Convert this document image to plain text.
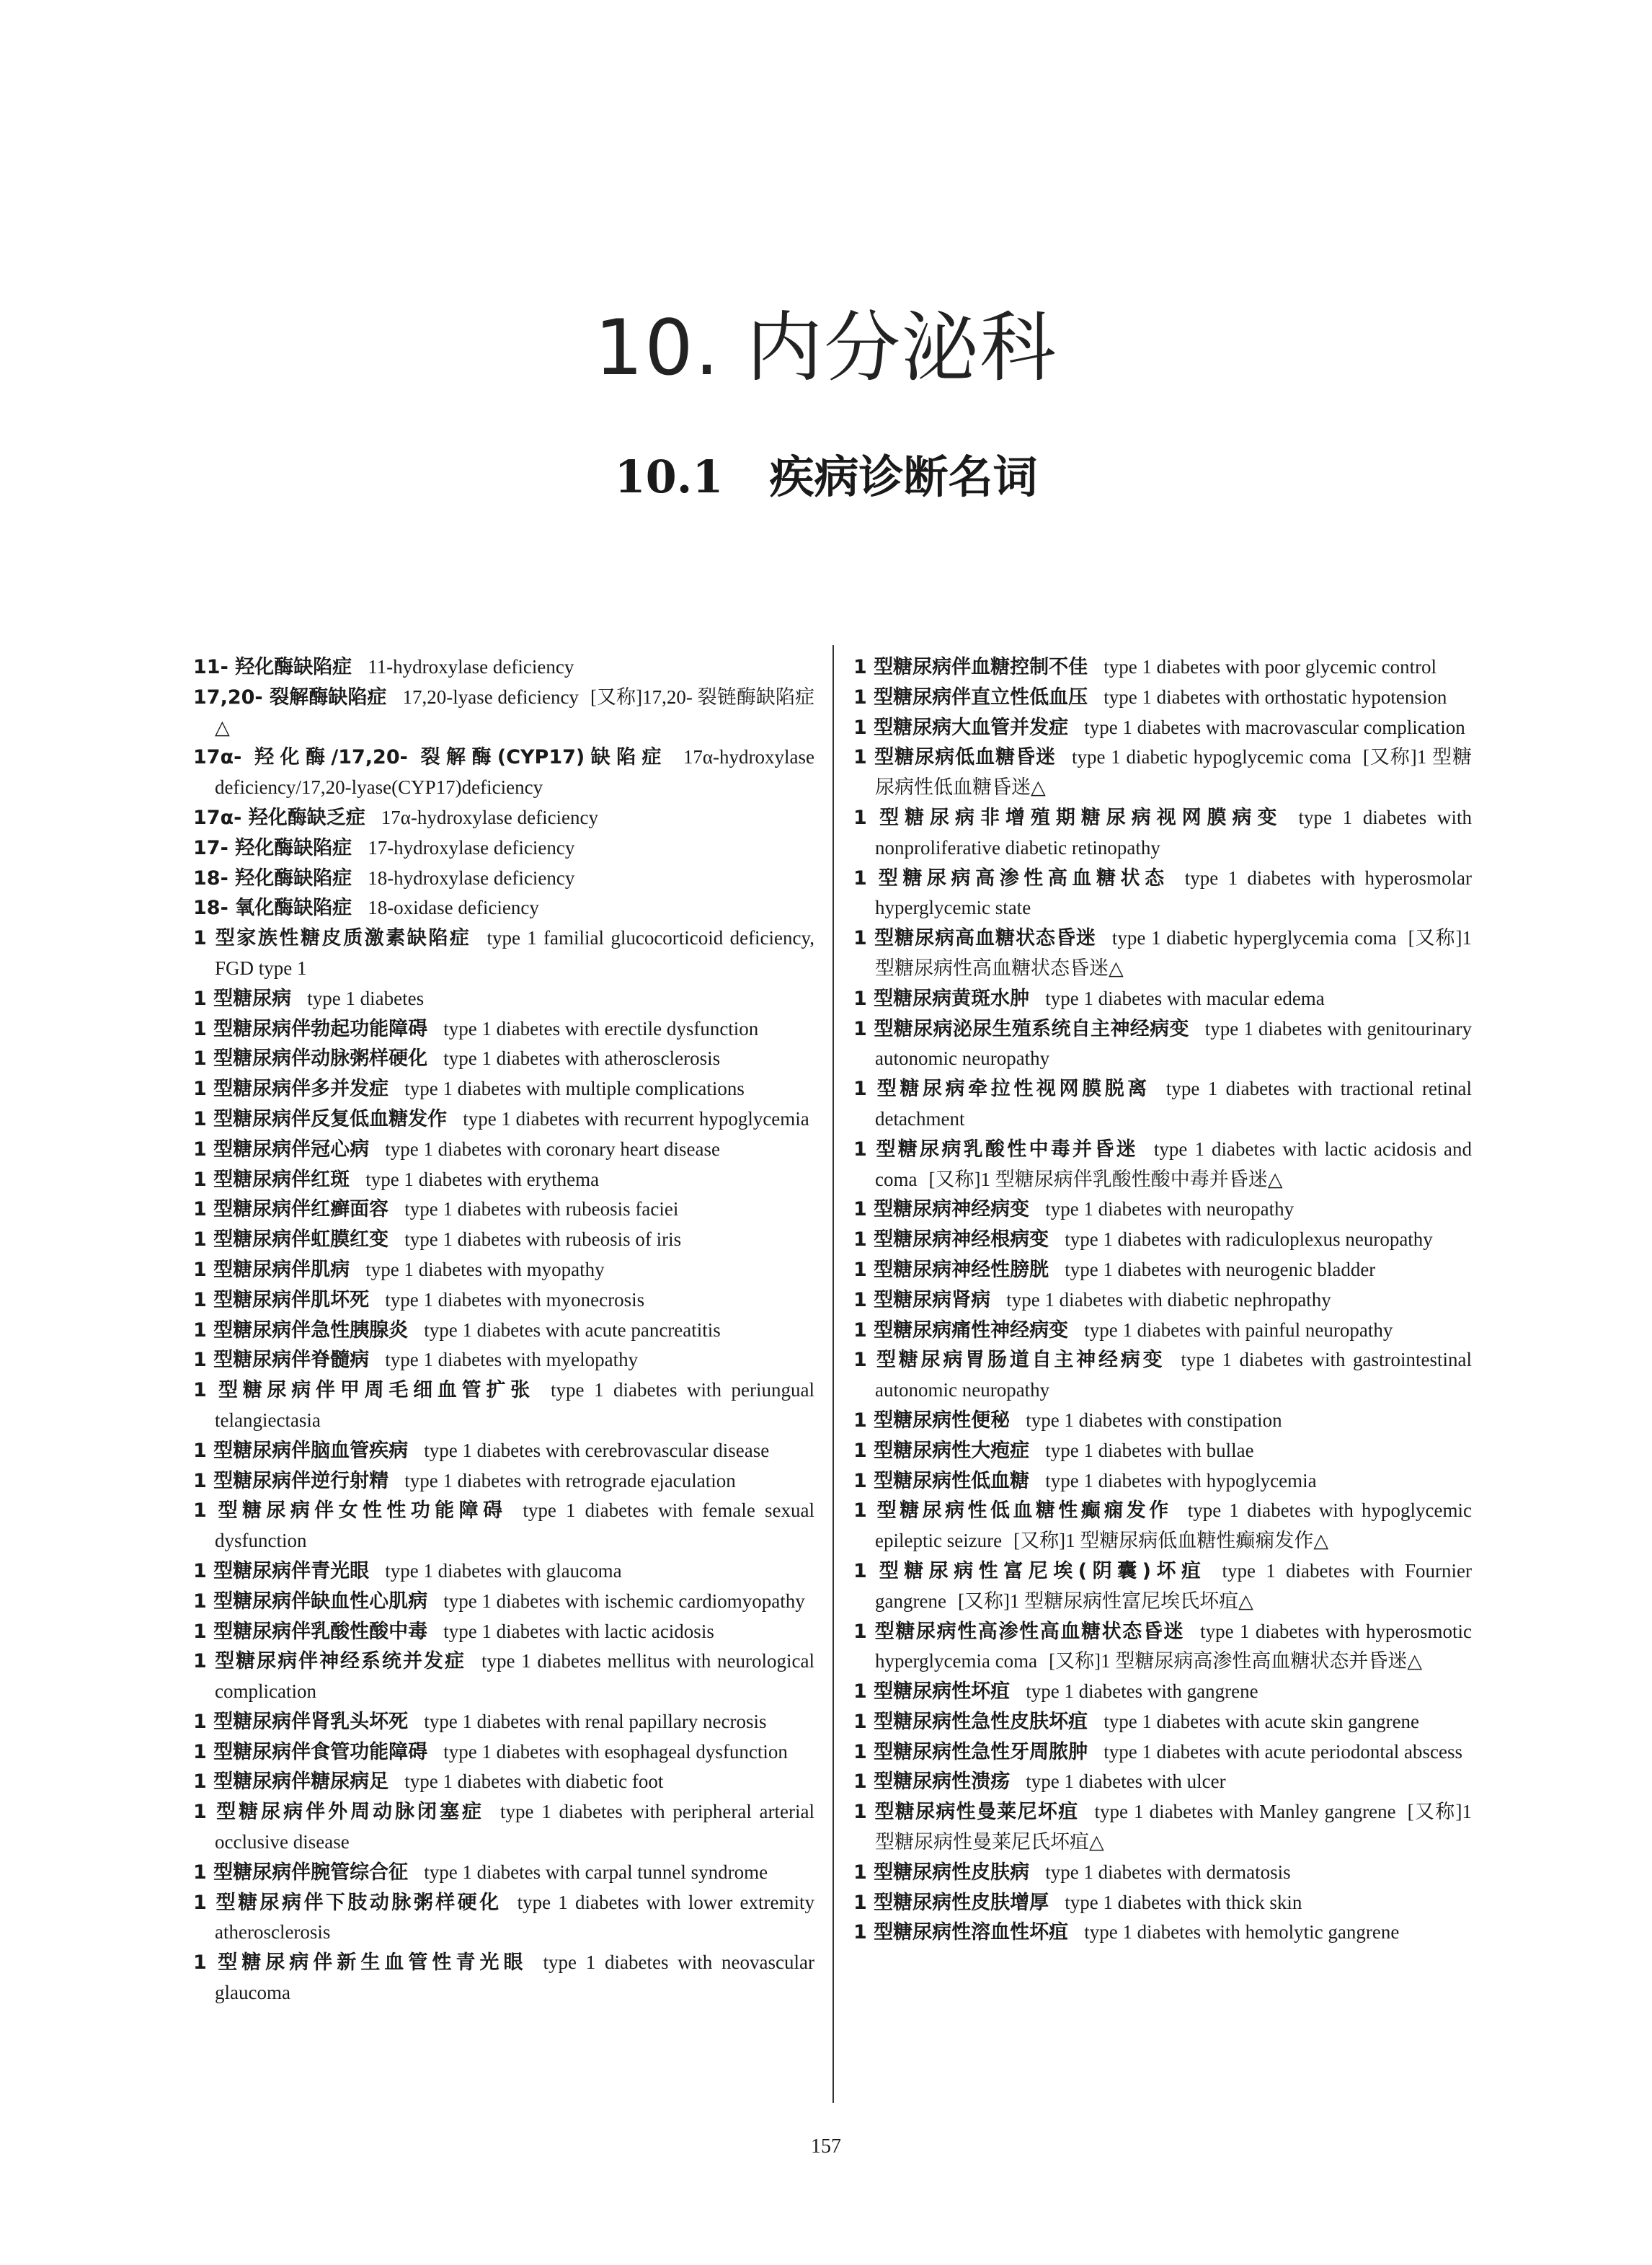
10. 内分泌科
10.1 疾病诊断名词

11- 羟化酶缺陷症 11-hydroxylase deficiency

17,20- 裂解酶缺陷症 17,20-lyase deficiency [又称]17,20- 裂链酶缺陷症△

17α- 羟化酶/17,20- 裂解酶(CYP17)缺陷症 17α-hydroxylase deficiency/17,20-lyase(CYP17)deficiency

17α- 羟化酶缺乏症 17α-hydroxylase deficiency

17- 羟化酶缺陷症 17-hydroxylase deficiency

18- 羟化酶缺陷症 18-hydroxylase deficiency

18- 氧化酶缺陷症 18-oxidase deficiency

1 型家族性糖皮质激素缺陷症 type 1 familial glucocorticoid deficiency, FGD type 1

1 型糖尿病 type 1 diabetes

1 型糖尿病伴勃起功能障碍 type 1 diabetes with erectile dysfunction

1 型糖尿病伴动脉粥样硬化 type 1 diabetes with atherosclerosis

1 型糖尿病伴多并发症 type 1 diabetes with multiple complications

1 型糖尿病伴反复低血糖发作 type 1 diabetes with recurrent hypoglycemia

1 型糖尿病伴冠心病 type 1 diabetes with coronary heart disease

1 型糖尿病伴红斑 type 1 diabetes with erythema

1 型糖尿病伴红癣面容 type 1 diabetes with rubeosis faciei

1 型糖尿病伴虹膜红变 type 1 diabetes with rubeosis of iris

1 型糖尿病伴肌病 type 1 diabetes with myopathy

1 型糖尿病伴肌坏死 type 1 diabetes with myonecrosis

1 型糖尿病伴急性胰腺炎 type 1 diabetes with acute pancreatitis

1 型糖尿病伴脊髓病 type 1 diabetes with myelopathy

1 型糖尿病伴甲周毛细血管扩张 type 1 diabetes with periungual telangiectasia

1 型糖尿病伴脑血管疾病 type 1 diabetes with cerebrovascular disease

1 型糖尿病伴逆行射精 type 1 diabetes with retrograde ejaculation

1 型糖尿病伴女性性功能障碍 type 1 diabetes with female sexual dysfunction

1 型糖尿病伴青光眼 type 1 diabetes with glaucoma

1 型糖尿病伴缺血性心肌病 type 1 diabetes with ischemic cardiomyopathy

1 型糖尿病伴乳酸性酸中毒 type 1 diabetes with lactic acidosis

1 型糖尿病伴神经系统并发症 type 1 diabetes mellitus with neurological complication

1 型糖尿病伴肾乳头坏死 type 1 diabetes with renal papillary necrosis

1 型糖尿病伴食管功能障碍 type 1 diabetes with esophageal dysfunction

1 型糖尿病伴糖尿病足 type 1 diabetes with diabetic foot

1 型糖尿病伴外周动脉闭塞症 type 1 diabetes with peripheral arterial occlusive disease

1 型糖尿病伴腕管综合征 type 1 diabetes with carpal tunnel syndrome

1 型糖尿病伴下肢动脉粥样硬化 type 1 diabetes with lower extremity atherosclerosis

1 型糖尿病伴新生血管性青光眼 type 1 diabetes with neovascular glaucoma

1 型糖尿病伴血糖控制不佳 type 1 diabetes with poor glycemic control

1 型糖尿病伴直立性低血压 type 1 diabetes with orthostatic hypotension

1 型糖尿病大血管并发症 type 1 diabetes with macrovascular complication

1 型糖尿病低血糖昏迷 type 1 diabetic hypoglycemic coma [又称]1 型糖尿病性低血糖昏迷△

1 型糖尿病非增殖期糖尿病视网膜病变 type 1 diabetes with nonproliferative diabetic retinopathy

1 型糖尿病高渗性高血糖状态 type 1 diabetes with hyperosmolar hyperglycemic state

1 型糖尿病高血糖状态昏迷 type 1 diabetic hyperglycemia coma [又称]1 型糖尿病性高血糖状态昏迷△

1 型糖尿病黄斑水肿 type 1 diabetes with macular edema

1 型糖尿病泌尿生殖系统自主神经病变 type 1 diabetes with genitourinary autonomic neuropathy

1 型糖尿病牵拉性视网膜脱离 type 1 diabetes with tractional retinal detachment

1 型糖尿病乳酸性中毒并昏迷 type 1 diabetes with lactic acidosis and coma [又称]1 型糖尿病伴乳酸性酸中毒并昏迷△

1 型糖尿病神经病变 type 1 diabetes with neuropathy

1 型糖尿病神经根病变 type 1 diabetes with radiculoplexus neuropathy

1 型糖尿病神经性膀胱 type 1 diabetes with neurogenic bladder

1 型糖尿病肾病 type 1 diabetes with diabetic nephropathy

1 型糖尿病痛性神经病变 type 1 diabetes with painful neuropathy

1 型糖尿病胃肠道自主神经病变 type 1 diabetes with gastrointestinal autonomic neuropathy

1 型糖尿病性便秘 type 1 diabetes with constipation

1 型糖尿病性大疱症 type 1 diabetes with bullae

1 型糖尿病性低血糖 type 1 diabetes with hypoglycemia

1 型糖尿病性低血糖性癫痫发作 type 1 diabetes with hypoglycemic epileptic seizure [又称]1 型糖尿病低血糖性癫痫发作△

1 型糖尿病性富尼埃(阴囊)坏疽 type 1 diabetes with Fournier gangrene [又称]1 型糖尿病性富尼埃氏坏疽△

1 型糖尿病性高渗性高血糖状态昏迷 type 1 diabetes with hyperosmotic hyperglycemia coma [又称]1 型糖尿病高渗性高血糖状态并昏迷△

1 型糖尿病性坏疽 type 1 diabetes with gangrene

1 型糖尿病性急性皮肤坏疽 type 1 diabetes with acute skin gangrene

1 型糖尿病性急性牙周脓肿 type 1 diabetes with acute periodontal abscess

1 型糖尿病性溃疡 type 1 diabetes with ulcer

1 型糖尿病性曼莱尼坏疽 type 1 diabetes with Manley gangrene [又称]1 型糖尿病性曼莱尼氏坏疽△

1 型糖尿病性皮肤病 type 1 diabetes with dermatosis

1 型糖尿病性皮肤增厚 type 1 diabetes with thick skin

1 型糖尿病性溶血性坏疽 type 1 diabetes with hemolytic gangrene

157
